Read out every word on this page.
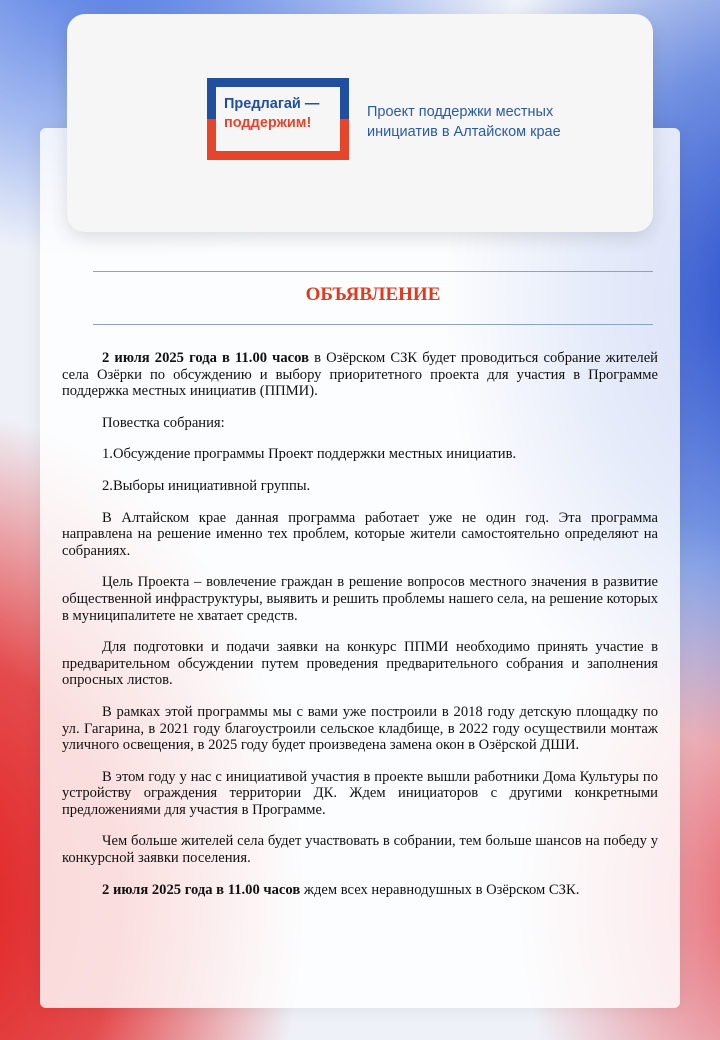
Предлагай —
поддержим!
Проект поддержки местных инициатив в Алтайском крае
ОБЪЯВЛЕНИЕ

2 июля 2025 года в 11.00 часов в Озёрском СЗК будет проводиться собрание жителей села Озёрки по обсуждению и выбору приоритетного проекта для участия в Программе поддержка местных инициатив (ППМИ).

Повестка собрания:

1.Обсуждение программы Проект поддержки местных инициатив.

2.Выборы инициативной группы.

В Алтайском крае данная программа работает уже не один год. Эта программа направлена на решение именно тех проблем, которые жители самостоятельно определяют на собраниях.

Цель Проекта – вовлечение граждан в решение вопросов местного значения в развитие общественной инфраструктуры, выявить и решить проблемы нашего села, на решение которых в муниципалитете не хватает средств.

Для подготовки и подачи заявки на конкурс ППМИ необходимо принять участие в предварительном обсуждении путем проведения предварительного собрания и заполнения опросных листов.

В рамках этой программы мы с вами уже построили в 2018 году детскую площадку по ул. Гагарина, в 2021 году благоустроили сельское кладбище, в 2022 году осуществили монтаж уличного освещения, в 2025 году будет произведена замена окон в Озёрской ДШИ.

В этом году у нас с инициативой участия в проекте вышли работники Дома Культуры по устройству ограждения территории ДК. Ждем инициаторов с другими конкретными предложениями для участия в Программе.

Чем больше жителей села будет участвовать в собрании, тем больше шансов на победу у конкурсной заявки поселения.

2 июля 2025 года в 11.00 часов ждем всех неравнодушных в Озёрском СЗК.
